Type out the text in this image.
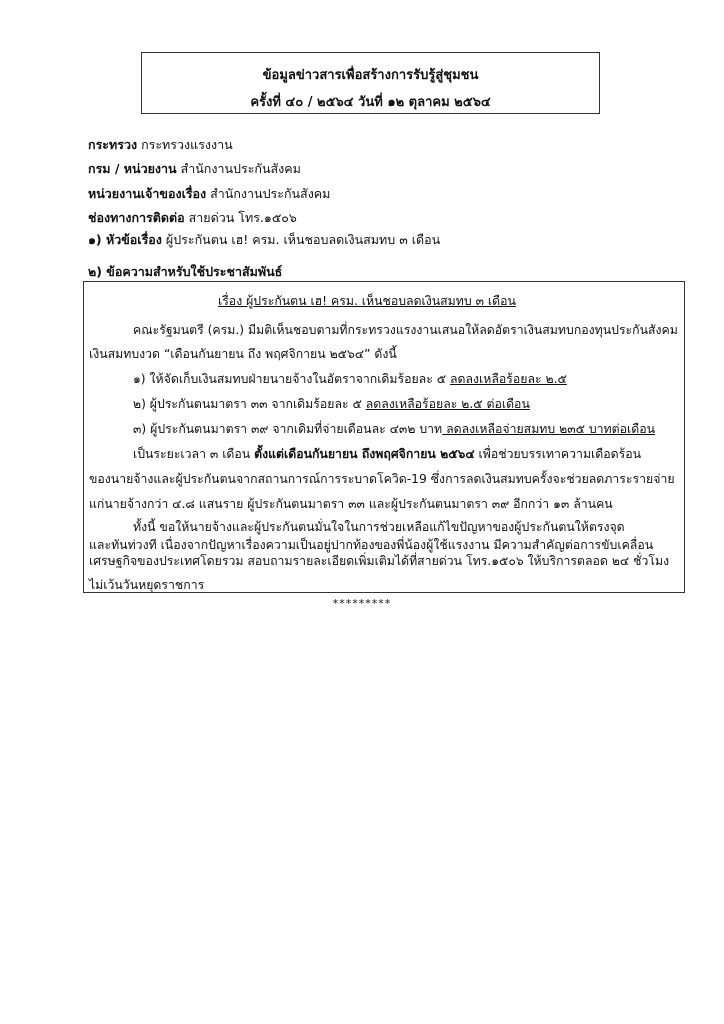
ข้อมูลข่าวสารเพื่อสร้างการรับรู้สู่ชุมชน
ครั้งที่ ๔๐ / ๒๕๖๔ วันที่ ๑๒ ตุลาคม ๒๕๖๔
กระทรวง กระทรวงแรงงาน
กรม / หน่วยงาน สำนักงานประกันสังคม
หน่วยงานเจ้าของเรื่อง สำนักงานประกันสังคม
ช่องทางการติดต่อ สายด่วน โทร.๑๕๐๖
๑) หัวข้อเรื่อง ผู้ประกันตน เฮ! ครม. เห็นชอบลดเงินสมทบ ๓ เดือน
๒) ข้อความสำหรับใช้ประชาสัมพันธ์
เรื่อง ผู้ประกันตน เฮ! ครม. เห็นชอบลดเงินสมทบ ๓ เดือน
คณะรัฐมนตรี (ครม.) มีมติเห็นชอบตามที่กระทรวงแรงงานเสนอให้ลดอัตราเงินสมทบกองทุนประกันสังคม
เงินสมทบงวด “เดือนกันยายน ถึง พฤศจิกายน ๒๕๖๔” ดังนี้
๑) ให้จัดเก็บเงินสมทบฝ่ายนายจ้างในอัตราจากเดิมร้อยละ ๕ ลดลงเหลือร้อยละ ๒.๕
๒) ผู้ประกันตนมาตรา ๓๓ จากเดิมร้อยละ ๕ ลดลงเหลือร้อยละ ๒.๕ ต่อเดือน
๓) ผู้ประกันตนมาตรา ๓๙ จากเดิมที่จ่ายเดือนละ ๔๓๒ บาท ลดลงเหลือจ่ายสมทบ ๒๓๕ บาทต่อเดือน
เป็นระยะเวลา ๓ เดือน ตั้งแต่เดือนกันยายน ถึงพฤศจิกายน ๒๕๖๔ เพื่อช่วยบรรเทาความเดือดร้อน
ของนายจ้างและผู้ประกันตนจากสถานการณ์การระบาดโควิด-19 ซึ่งการลดเงินสมทบครั้งจะช่วยลดภาระรายจ่าย
แก่นายจ้างกว่า ๔.๘ แสนราย ผู้ประกันตนมาตรา ๓๓ และผู้ประกันตนมาตรา ๓๙ อีกกว่า ๑๓ ล้านคน
ทั้งนี้ ขอให้นายจ้างและผู้ประกันตนมั่นใจในการช่วยเหลือแก้ไขปัญหาของผู้ประกันตนให้ตรงจุด
และทันท่วงที เนื่องจากปัญหาเรื่องความเป็นอยู่ปากท้องของพี่น้องผู้ใช้แรงงาน มีความสำคัญต่อการขับเคลื่อน
เศรษฐกิจของประเทศโดยรวม สอบถามรายละเอียดเพิ่มเติมได้ที่สายด่วน โทร.๑๕๐๖ ให้บริการตลอด ๒๔ ชั่วโมง
ไม่เว้นวันหยุดราชการ
*********
